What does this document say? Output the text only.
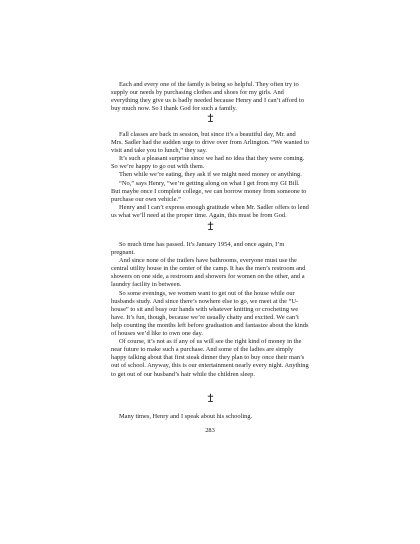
Each and every one of the family is being so helpful. They often try to supply our needs by purchasing clothes and shoes for my girls. And everything they give us is badly needed because Henry and I can’t afford to buy much now. So I thank God for such a family.

Fall classes are back in session, but since it’s a beautiful day, Mr. and Mrs. Sadler had the sudden urge to drive over from Arlington. “We wanted to visit and take you to lunch,” they say.

It’s such a pleasant surprise since we had no idea that they were coming. So we’re happy to go out with them.

Then while we’re eating, they ask if we might need money or anything.

“No,” says Henry, “we’re getting along on what I get from my GI Bill. But maybe once I complete college, we can borrow money from someone to purchase our own vehicle.”

Henry and I can’t express enough gratitude when Mr. Sadler offers to lend us what we’ll need at the proper time. Again, this must be from God.

So much time has passed. It’s January 1954, and once again, I’m pregnant.

And since none of the trailers have bathrooms, everyone must use the central utility house in the center of the camp. It has the men’s restroom and showers on one side, a restroom and showers for women on the other, and a laundry facility in between.

So some evenings, we women want to get out of the house while our husbands study. And since there’s nowhere else to go, we meet at the “U-house” to sit and busy our hands with whatever knitting or crocheting we have. It’s fun, though, because we’re usually chatty and excited. We can’t help counting the months left before graduation and fantasize about the kinds of houses we’d like to own one day.

Of course, it’s not as if any of us will see the right kind of money in the near future to make such a purchase. And some of the ladies are simply happy talking about that first steak dinner they plan to buy once their man’s out of school. Anyway, this is our entertainment nearly every night. Anything to get out of our husband’s hair while the children sleep.

Many times, Henry and I speak about his schooling.

283
